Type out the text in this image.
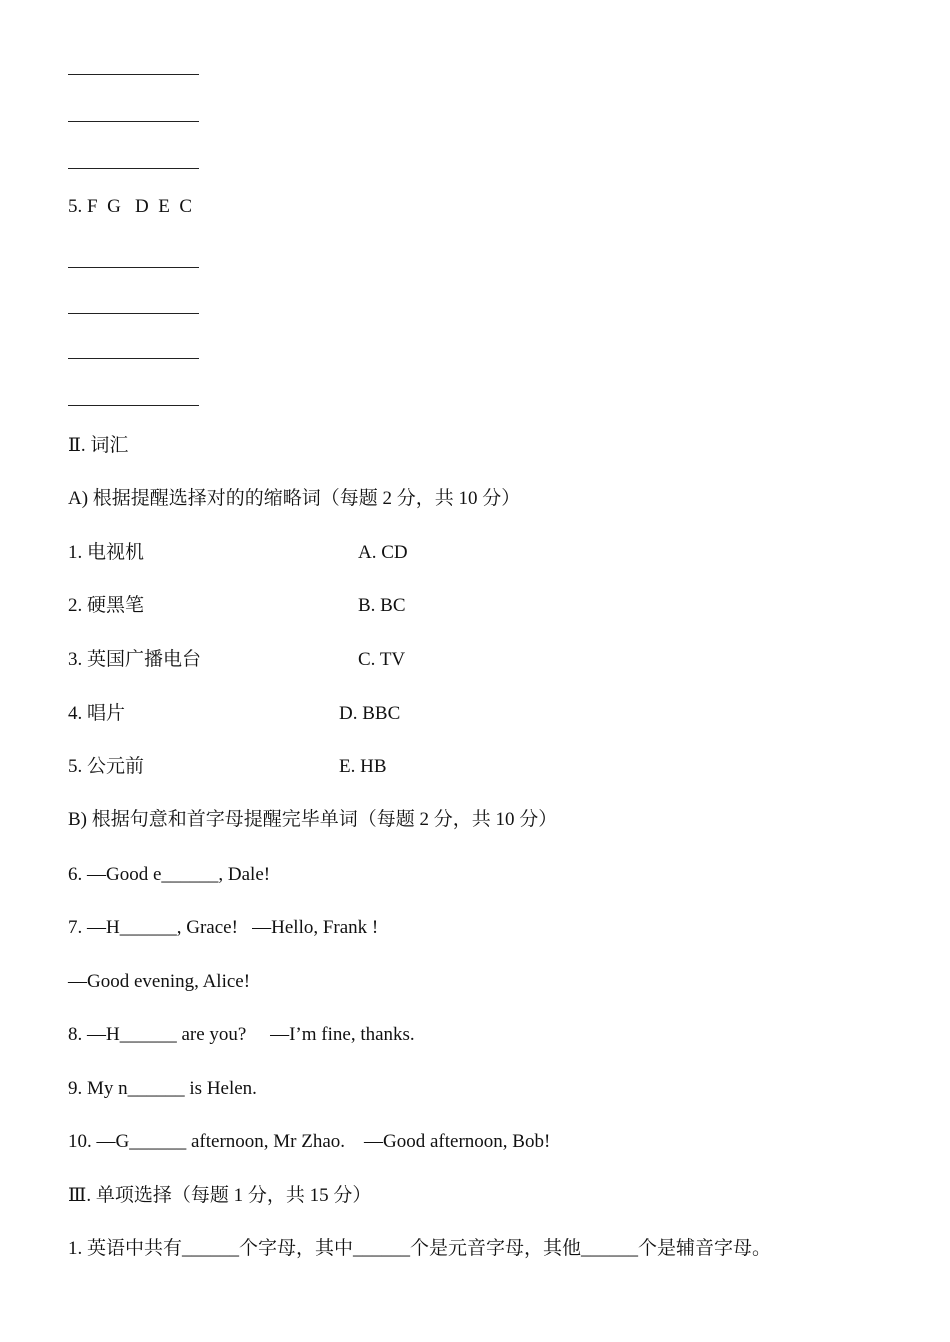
5. F  G   D  E  C
Ⅱ. 词汇
A) 根据提醒选择对的的缩略词（每题 2 分，共 10 分）
1. 电视机	A. CD
2. 硬黑笔	B. BC
3. 英国广播电台	C. TV
4. 唱片	D. BBC
5. 公元前	E. HB
B) 根据句意和首字母提醒完毕单词（每题 2 分，共 10 分）
6. —Good e______, Dale!
7. —H______, Grace!   —Hello, Frank !
—Good evening, Alice!
8. —H______ are you?     —I’m fine, thanks.
9. My n______ is Helen.
10. —G______ afternoon, Mr Zhao.    —Good afternoon, Bob!
Ⅲ. 单项选择（每题 1 分，共 15 分）
1. 英语中共有______个字母，其中______个是元音字母，其他______个是辅音字母。
